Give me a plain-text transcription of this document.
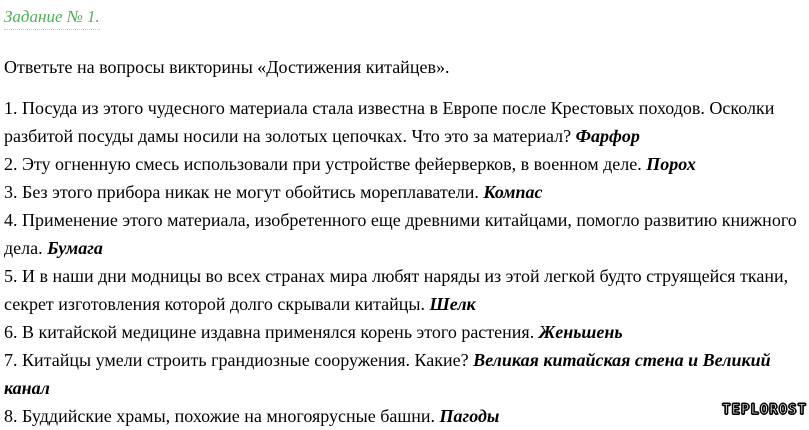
Задание № 1.

Ответьте на вопросы викторины «Достижения китайцев».

1. Посуда из этого чудесного материала стала известна в Европе после Крестовых походов. Осколки разбитой посуды дамы носили на золотых цепочках. Что это за материал? Фарфор

2. Эту огненную смесь использовали при устройстве фейерверков, в военном деле. Порох

3. Без этого прибора никак не могут обойтись мореплаватели. Компас

4. Применение этого материала, изобретенного еще древними китайцами, помогло развитию книжного дела. Бумага

5. И в наши дни модницы во всех странах мира любят наряды из этой легкой будто струящейся ткани, секрет изготовления которой долго скрывали китайцы. Шелк

6. В китайской медицине издавна применялся корень этого растения. Женьшень

7. Китайцы умели строить грандиозные сооружения. Какие? Великая китайская стена и Великий канал

8. Буддийские храмы, похожие на многоярусные башни. Пагоды	TEPLOROST
